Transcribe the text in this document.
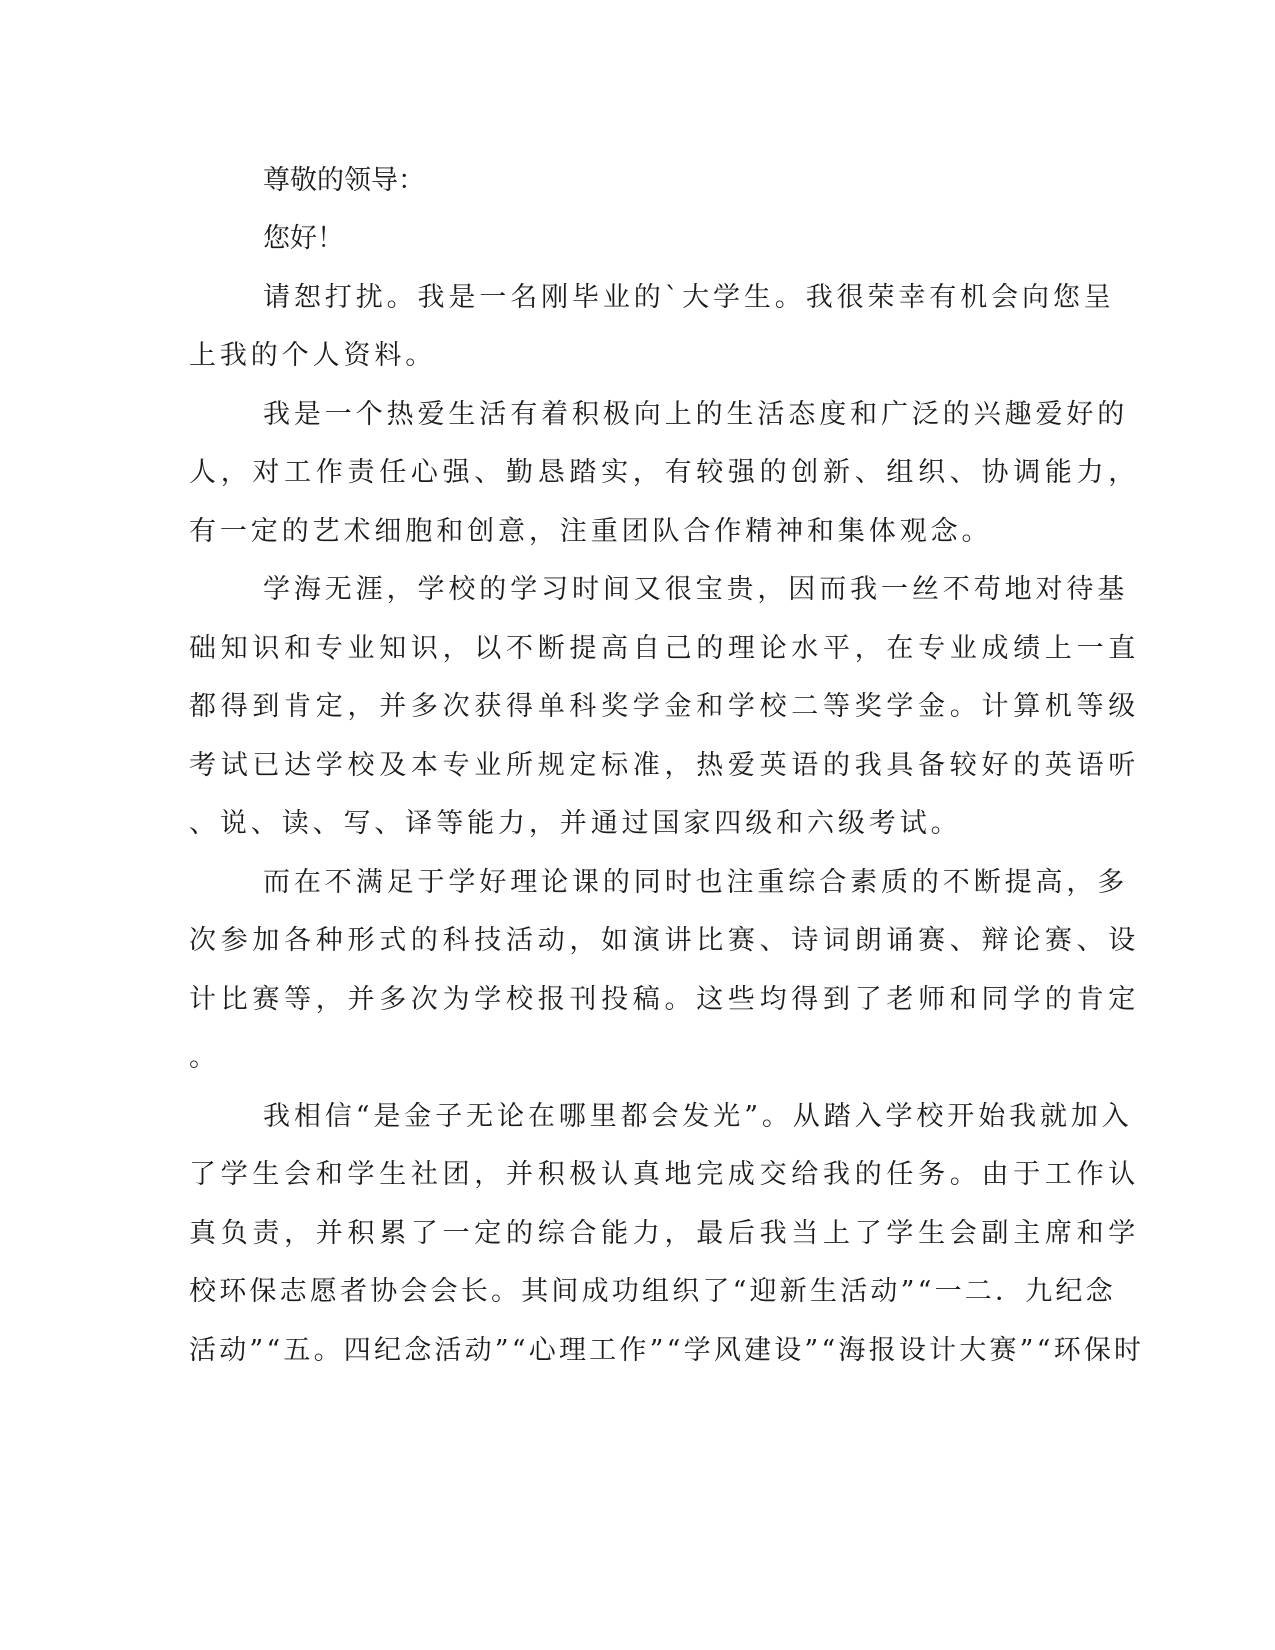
尊敬的领导：

您好！

请恕打扰。我是一名刚毕业的`大学生。我很荣幸有机会向您呈

上我的个人资料。

我是一个热爱生活有着积极向上的生活态度和广泛的兴趣爱好的

人，对工作责任心强、勤恳踏实，有较强的创新、组织、协调能力，

有一定的艺术细胞和创意，注重团队合作精神和集体观念。

学海无涯，学校的学习时间又很宝贵，因而我一丝不苟地对待基

础知识和专业知识，以不断提高自己的理论水平，在专业成绩上一直

都得到肯定，并多次获得单科奖学金和学校二等奖学金。计算机等级

考试已达学校及本专业所规定标准，热爱英语的我具备较好的英语听

、说、读、写、译等能力，并通过国家四级和六级考试。

而在不满足于学好理论课的同时也注重综合素质的不断提高，多

次参加各种形式的科技活动，如演讲比赛、诗词朗诵赛、辩论赛、设

计比赛等，并多次为学校报刊投稿。这些均得到了老师和同学的肯定

。

我相信“是金子无论在哪里都会发光”。从踏入学校开始我就加入

了学生会和学生社团，并积极认真地完成交给我的任务。由于工作认

真负责，并积累了一定的综合能力，最后我当上了学生会副主席和学

校环保志愿者协会会长。其间成功组织了“迎新生活动”“一二．九纪念

活动”“五。四纪念活动”“心理工作”“学风建设”“海报设计大赛”“环保时
